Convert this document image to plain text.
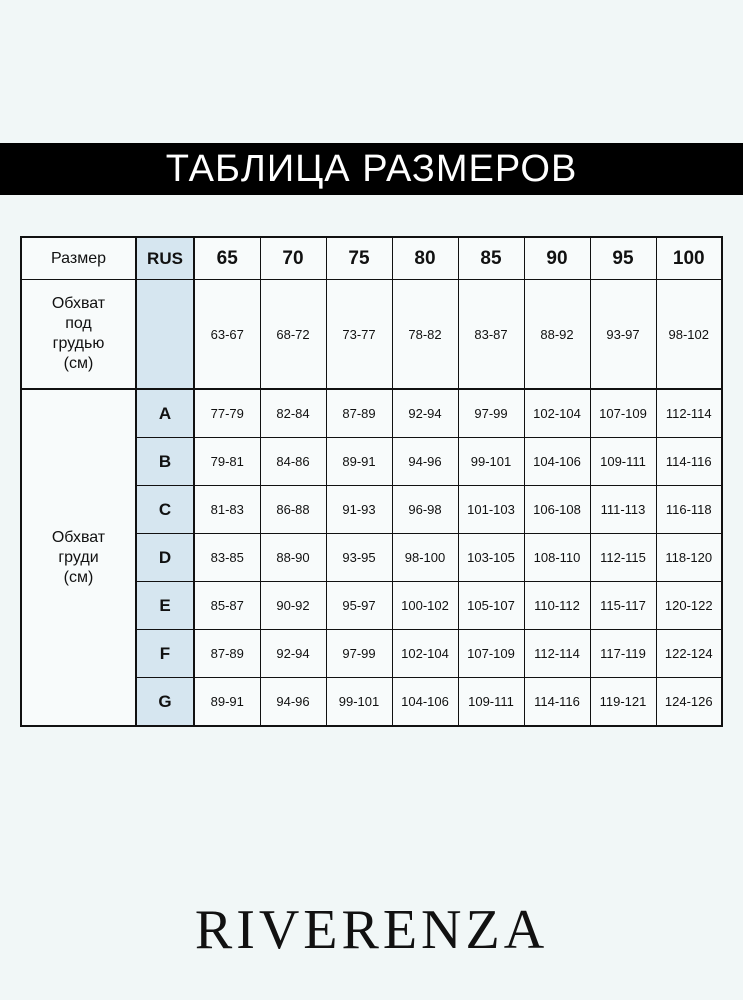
ТАБЛИЦА РАЗМЕРОВ
Размер	RUS	65	70	75	80	85	90	95	100
Обхват
под
грудью
(см)		63-67	68-72	73-77	78-82	83-87	88-92	93-97	98-102
Обхват
груди
(см)	A	77-79	82-84	87-89	92-94	97-99	102-104	107-109	112-114
	B	79-81	84-86	89-91	94-96	99-101	104-106	109-111	114-116
	C	81-83	86-88	91-93	96-98	101-103	106-108	111-113	116-118
	D	83-85	88-90	93-95	98-100	103-105	108-110	112-115	118-120
	E	85-87	90-92	95-97	100-102	105-107	110-112	115-117	120-122
	F	87-89	92-94	97-99	102-104	107-109	112-114	117-119	122-124
	G	89-91	94-96	99-101	104-106	109-111	114-116	119-121	124-126
RIVERENZA
